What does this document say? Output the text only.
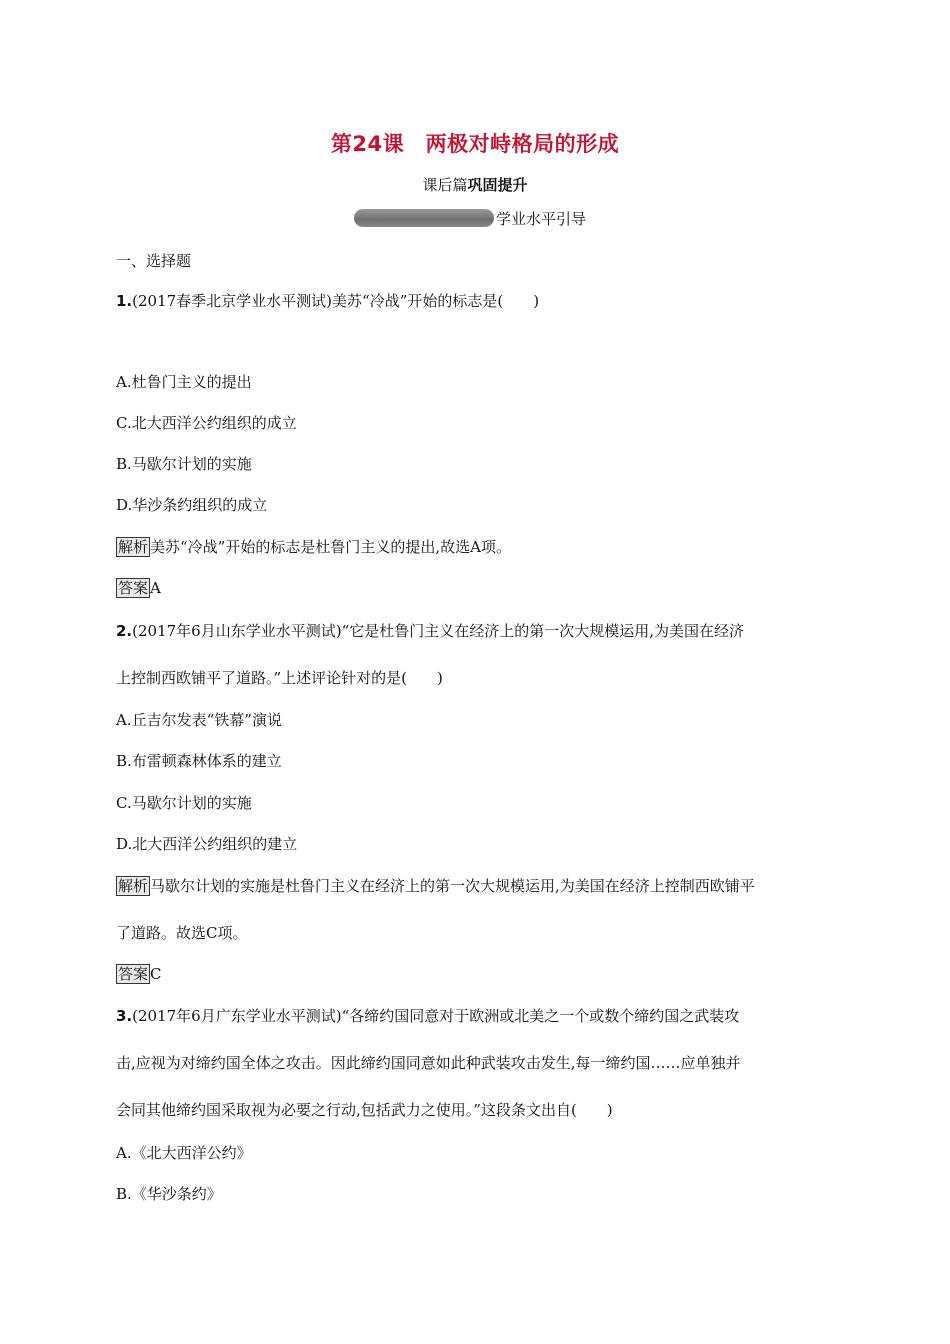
第24课　两极对峙格局的形成
课后篇巩固提升
学业水平引导
一、选择题
1.(2017春季北京学业水平测试)美苏“冷战”开始的标志是(　　)
A.杜鲁门主义的提出
C.北大西洋公约组织的成立
B.马歇尔计划的实施
D.华沙条约组织的成立
解析 美苏“冷战”开始的标志是杜鲁门主义的提出,故选A项。
答案 A
2.(2017年6月山东学业水平测试)“它是杜鲁门主义在经济上的第一次大规模运用,为美国在经济
上控制西欧铺平了道路。”上述评论针对的是(　　)
A.丘吉尔发表“铁幕”演说
B.布雷顿森林体系的建立
C.马歇尔计划的实施
D.北大西洋公约组织的建立
解析 马歇尔计划的实施是杜鲁门主义在经济上的第一次大规模运用,为美国在经济上控制西欧铺平
了道路。故选C项。
答案 C
3.(2017年6月广东学业水平测试)“各缔约国同意对于欧洲或北美之一个或数个缔约国之武装攻
击,应视为对缔约国全体之攻击。因此缔约国同意如此种武装攻击发生,每一缔约国……应单独并
会同其他缔约国采取视为必要之行动,包括武力之使用。”这段条文出自(　　)
A.《北大西洋公约》
B.《华沙条约》
